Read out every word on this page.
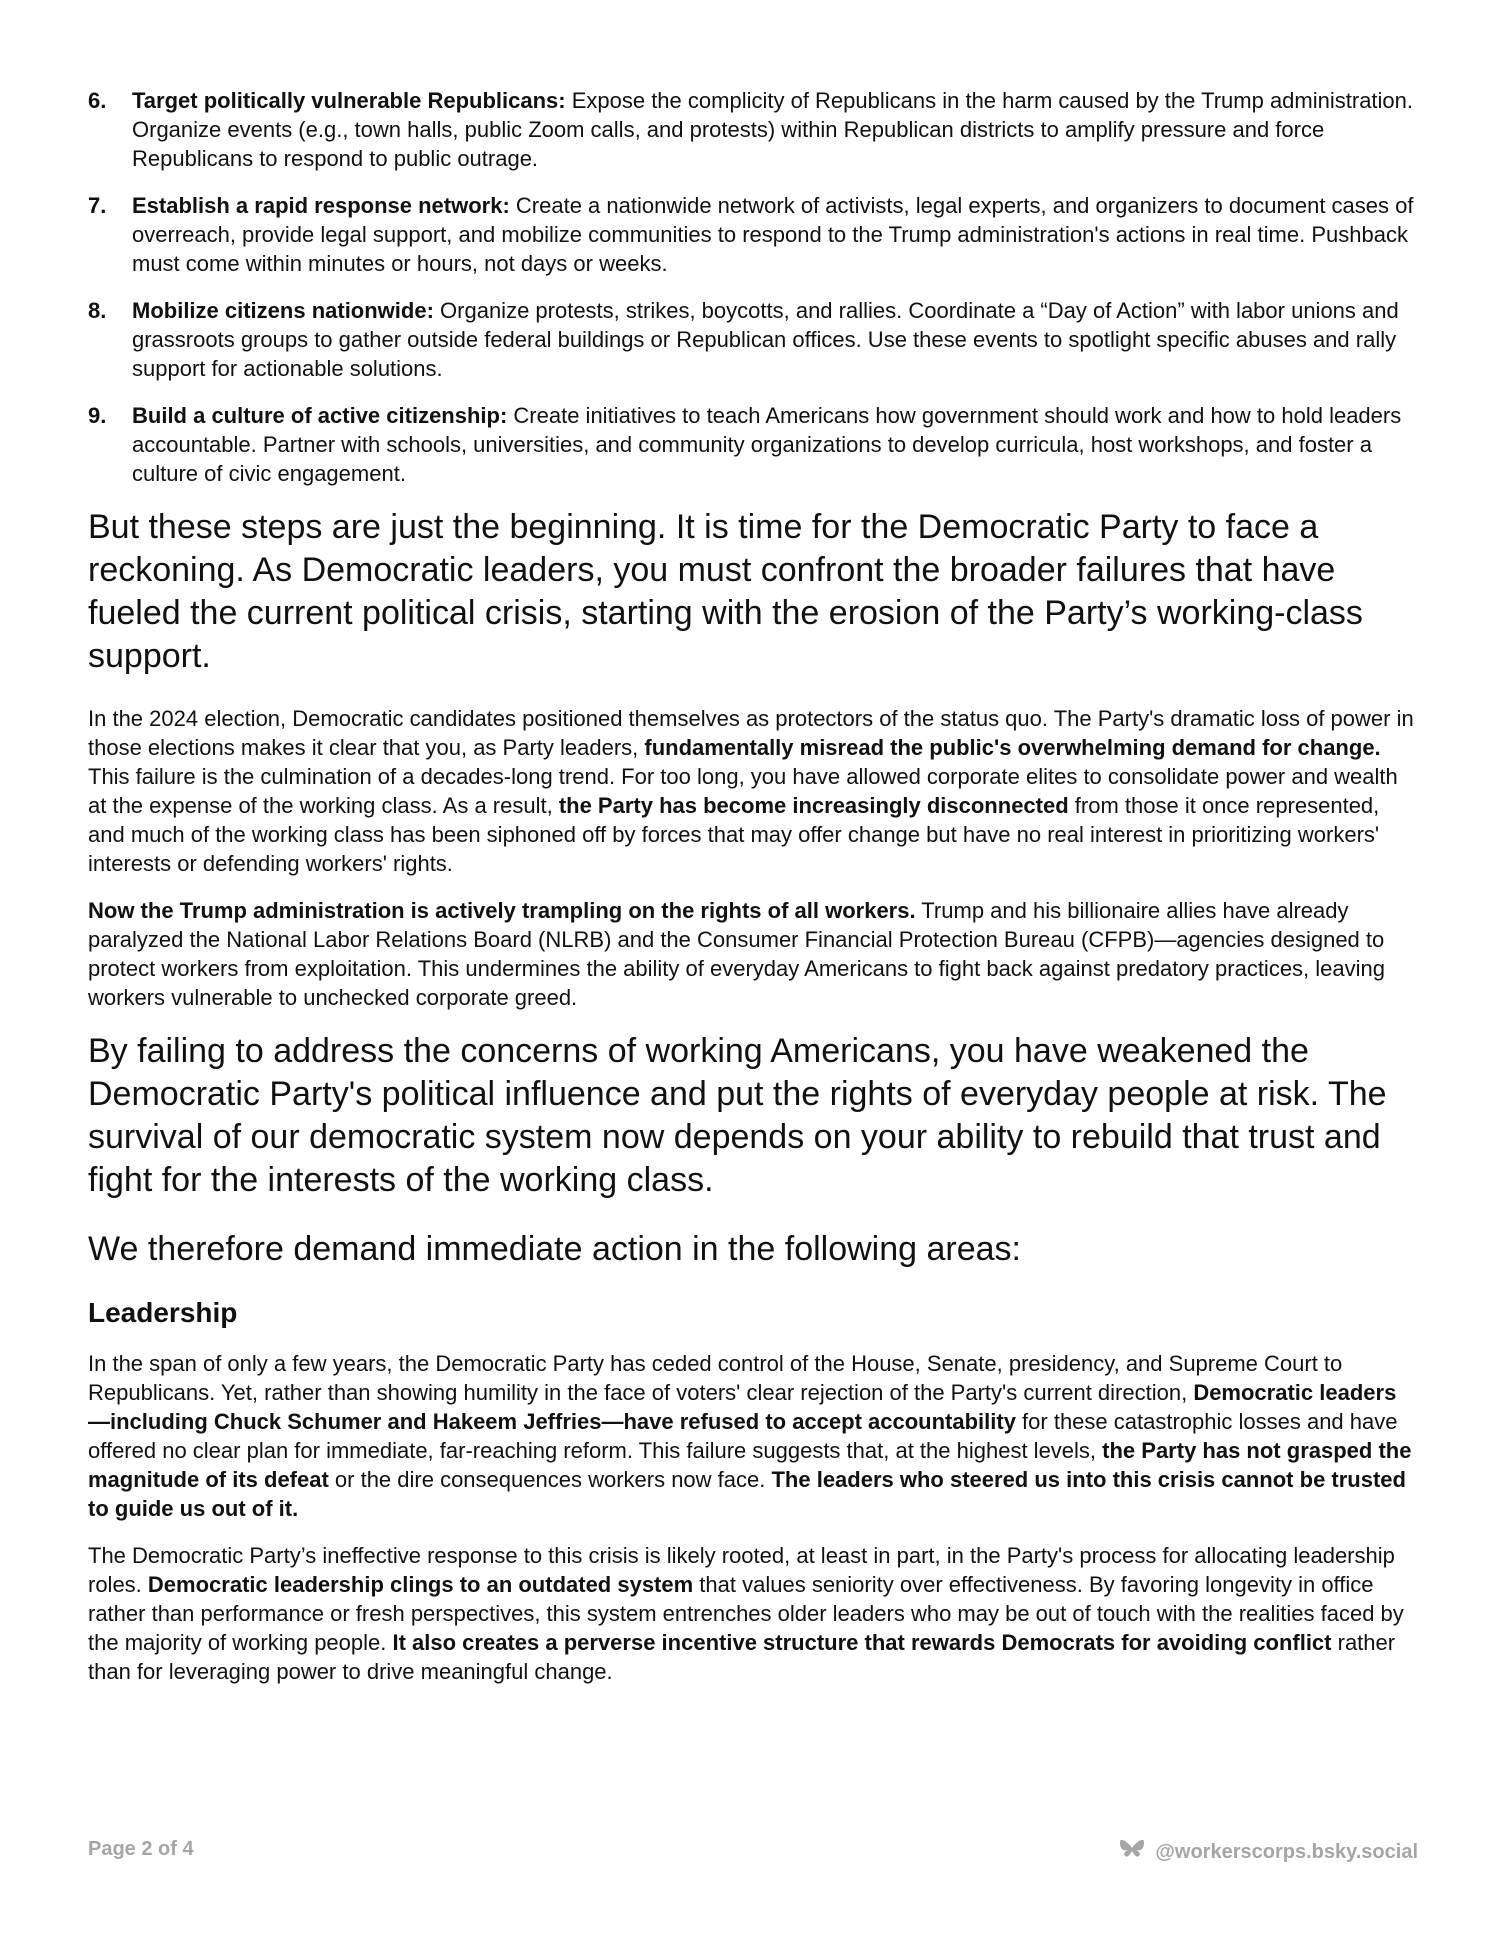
6. Target politically vulnerable Republicans: Expose the complicity of Republicans in the harm caused by the Trump administration. Organize events (e.g., town halls, public Zoom calls, and protests) within Republican districts to amplify pressure and force Republicans to respond to public outrage.
7. Establish a rapid response network: Create a nationwide network of activists, legal experts, and organizers to document cases of overreach, provide legal support, and mobilize communities to respond to the Trump administration's actions in real time. Pushback must come within minutes or hours, not days or weeks.
8. Mobilize citizens nationwide: Organize protests, strikes, boycotts, and rallies. Coordinate a “Day of Action” with labor unions and grassroots groups to gather outside federal buildings or Republican offices. Use these events to spotlight specific abuses and rally support for actionable solutions.
9. Build a culture of active citizenship: Create initiatives to teach Americans how government should work and how to hold leaders accountable. Partner with schools, universities, and community organizations to develop curricula, host workshops, and foster a culture of civic engagement.

But these steps are just the beginning. It is time for the Democratic Party to face a reckoning. As Democratic leaders, you must confront the broader failures that have fueled the current political crisis, starting with the erosion of the Party’s working-class support.

In the 2024 election, Democratic candidates positioned themselves as protectors of the status quo. The Party's dramatic loss of power in those elections makes it clear that you, as Party leaders, fundamentally misread the public's overwhelming demand for change. This failure is the culmination of a decades-long trend. For too long, you have allowed corporate elites to consolidate power and wealth at the expense of the working class. As a result, the Party has become increasingly disconnected from those it once represented, and much of the working class has been siphoned off by forces that may offer change but have no real interest in prioritizing workers' interests or defending workers' rights.

Now the Trump administration is actively trampling on the rights of all workers. Trump and his billionaire allies have already paralyzed the National Labor Relations Board (NLRB) and the Consumer Financial Protection Bureau (CFPB)—agencies designed to protect workers from exploitation. This undermines the ability of everyday Americans to fight back against predatory practices, leaving workers vulnerable to unchecked corporate greed.

By failing to address the concerns of working Americans, you have weakened the Democratic Party's political influence and put the rights of everyday people at risk. The survival of our democratic system now depends on your ability to rebuild that trust and fight for the interests of the working class.

We therefore demand immediate action in the following areas:

Leadership

In the span of only a few years, the Democratic Party has ceded control of the House, Senate, presidency, and Supreme Court to Republicans. Yet, rather than showing humility in the face of voters' clear rejection of the Party's current direction, Democratic leaders—including Chuck Schumer and Hakeem Jeffries—have refused to accept accountability for these catastrophic losses and have offered no clear plan for immediate, far-reaching reform. This failure suggests that, at the highest levels, the Party has not grasped the magnitude of its defeat or the dire consequences workers now face. The leaders who steered us into this crisis cannot be trusted to guide us out of it.

The Democratic Party’s ineffective response to this crisis is likely rooted, at least in part, in the Party's process for allocating leadership roles. Democratic leadership clings to an outdated system that values seniority over effectiveness. By favoring longevity in office rather than performance or fresh perspectives, this system entrenches older leaders who may be out of touch with the realities faced by the majority of working people. It also creates a perverse incentive structure that rewards Democrats for avoiding conflict rather than for leveraging power to drive meaningful change.

Page 2 of 4	@workerscorps.bsky.social
